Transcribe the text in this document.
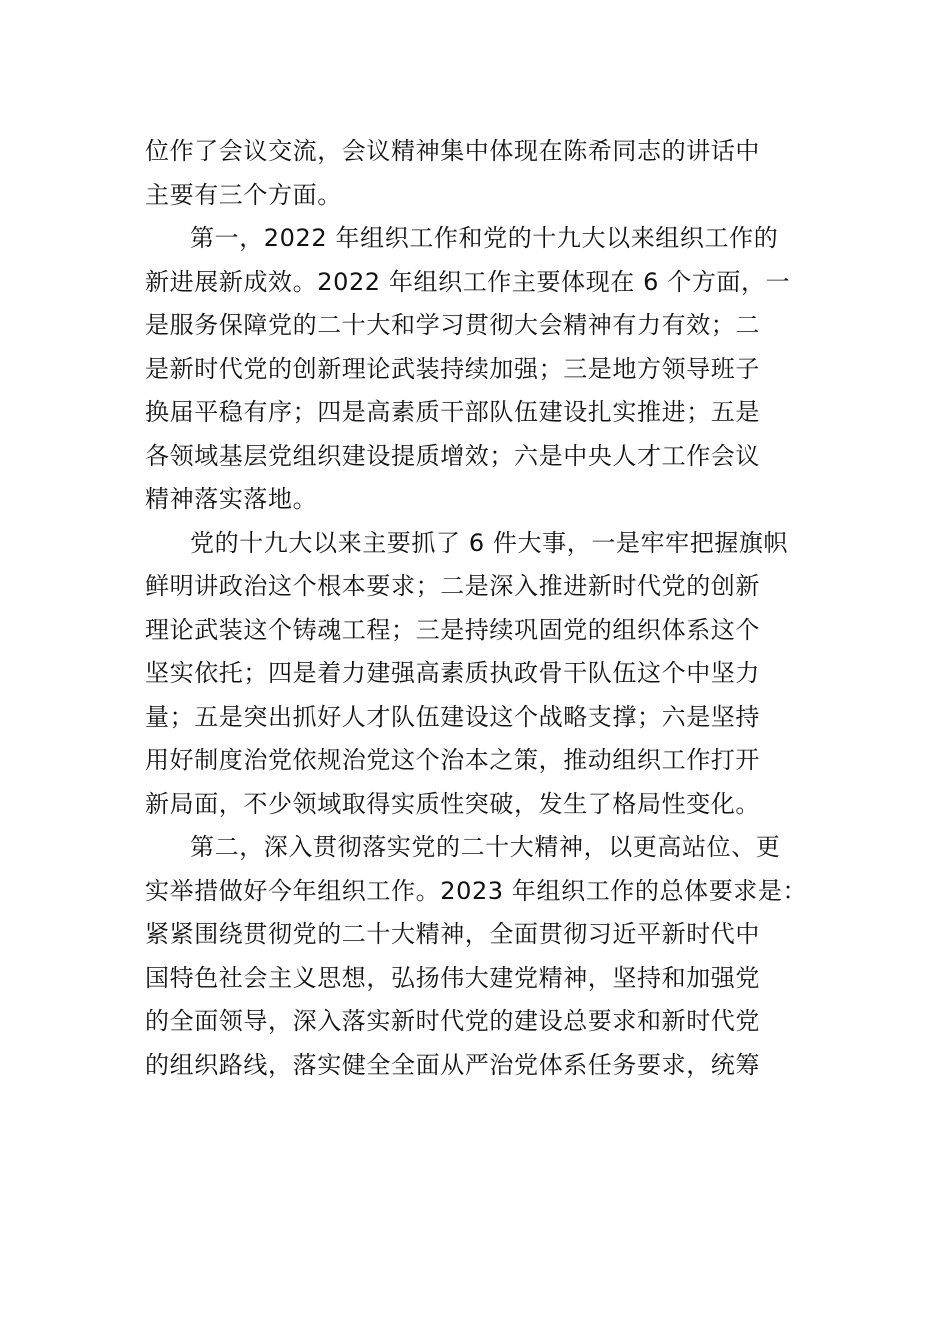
位作了会议交流，会议精神集中体现在陈希同志的讲话中
主要有三个方面。
第一，2022 年组织工作和党的十九大以来组织工作的
新进展新成效。2022 年组织工作主要体现在 6 个方面，一
是服务保障党的二十大和学习贯彻大会精神有力有效；二
是新时代党的创新理论武装持续加强；三是地方领导班子
换届平稳有序；四是高素质干部队伍建设扎实推进；五是
各领域基层党组织建设提质增效；六是中央人才工作会议
精神落实落地。
党的十九大以来主要抓了 6 件大事，一是牢牢把握旗帜
鲜明讲政治这个根本要求；二是深入推进新时代党的创新
理论武装这个铸魂工程；三是持续巩固党的组织体系这个
坚实依托；四是着力建强高素质执政骨干队伍这个中坚力
量；五是突出抓好人才队伍建设这个战略支撑；六是坚持
用好制度治党依规治党这个治本之策，推动组织工作打开
新局面，不少领域取得实质性突破，发生了格局性变化。
第二，深入贯彻落实党的二十大精神，以更高站位、更
实举措做好今年组织工作。2023 年组织工作的总体要求是：
紧紧围绕贯彻党的二十大精神，全面贯彻习近平新时代中
国特色社会主义思想，弘扬伟大建党精神，坚持和加强党
的全面领导，深入落实新时代党的建设总要求和新时代党
的组织路线，落实健全全面从严治党体系任务要求，统筹
